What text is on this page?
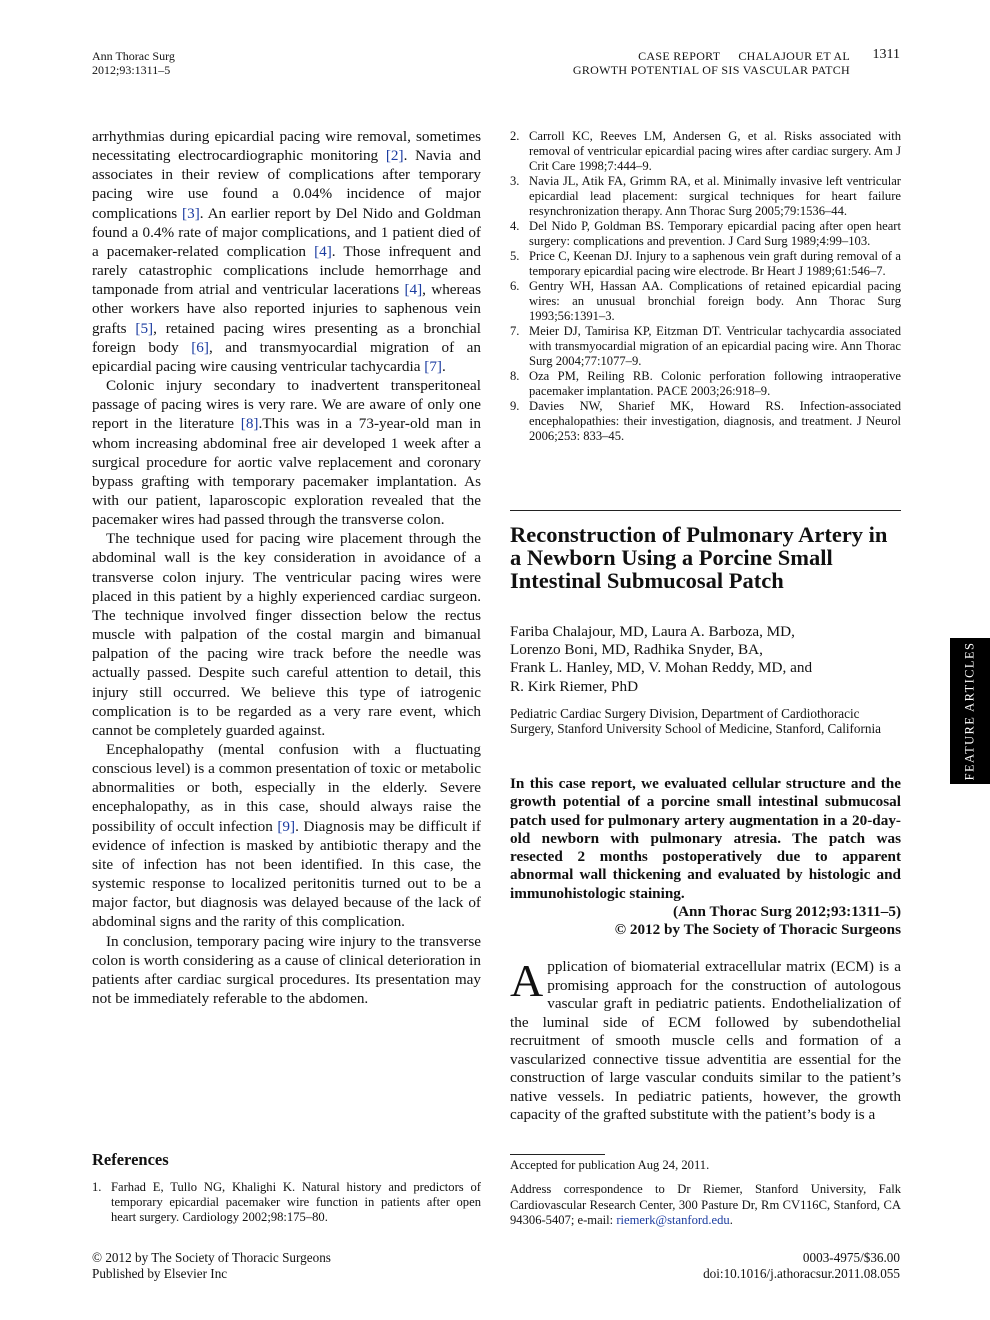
Ann Thorac Surg
2012;93:1311–5
CASE REPORT CHALAJOUR ET AL
GROWTH POTENTIAL OF SIS VASCULAR PATCH
1311

arrhythmias during epicardial pacing wire removal, sometimes necessitating electrocardiographic monitoring [2]. Navia and associates in their review of complications after temporary pacing wire use found a 0.04% incidence of major complications [3]. An earlier report by Del Nido and Goldman found a 0.4% rate of major complications, and 1 patient died of a pacemaker-related complication [4]. Those infrequent and rarely catastrophic complications include hemorrhage and tamponade from atrial and ventricular lacerations [4], whereas other workers have also reported injuries to saphenous vein grafts [5], retained pacing wires presenting as a bronchial foreign body [6], and transmyocardial migration of an epicardial pacing wire causing ventricular tachycardia [7].

Colonic injury secondary to inadvertent transperitoneal passage of pacing wires is very rare. We are aware of only one report in the literature [8].This was in a 73-year-old man in whom increasing abdominal free air developed 1 week after a surgical procedure for aortic valve replacement and coronary bypass grafting with temporary pacemaker implantation. As with our patient, laparoscopic exploration revealed that the pacemaker wires had passed through the transverse colon.

The technique used for pacing wire placement through the abdominal wall is the key consideration in avoidance of a transverse colon injury. The ventricular pacing wires were placed in this patient by a highly experienced cardiac surgeon. The technique involved finger dissection below the rectus muscle with palpation of the costal margin and bimanual palpation of the pacing wire track before the needle was actually passed. Despite such careful attention to detail, this injury still occurred. We believe this type of iatrogenic complication is to be regarded as a very rare event, which cannot be completely guarded against.

Encephalopathy (mental confusion with a fluctuating conscious level) is a common presentation of toxic or metabolic abnormalities or both, especially in the elderly. Severe encephalopathy, as in this case, should always raise the possibility of occult infection [9]. Diagnosis may be difficult if evidence of infection is masked by antibiotic therapy and the site of infection has not been identified. In this case, the systemic response to localized peritonitis turned out to be a major factor, but diagnosis was delayed because of the lack of abdominal signs and the rarity of this complication.

In conclusion, temporary pacing wire injury to the transverse colon is worth considering as a cause of clinical deterioration in patients after cardiac surgical procedures. Its presentation may not be immediately referable to the abdomen.

References
1. Farhad E, Tullo NG, Khalighi K. Natural history and predictors of temporary epicardial pacemaker wire function in patients after open heart surgery. Cardiology 2002;98:175–80.
2. Carroll KC, Reeves LM, Andersen G, et al. Risks associated with removal of ventricular epicardial pacing wires after cardiac surgery. Am J Crit Care 1998;7:444–9.
3. Navia JL, Atik FA, Grimm RA, et al. Minimally invasive left ventricular epicardial lead placement: surgical techniques for heart failure resynchronization therapy. Ann Thorac Surg 2005;79:1536–44.
4. Del Nido P, Goldman BS. Temporary epicardial pacing after open heart surgery: complications and prevention. J Card Surg 1989;4:99–103.
5. Price C, Keenan DJ. Injury to a saphenous vein graft during removal of a temporary epicardial pacing wire electrode. Br Heart J 1989;61:546–7.
6. Gentry WH, Hassan AA. Complications of retained epicardial pacing wires: an unusual bronchial foreign body. Ann Thorac Surg 1993;56:1391–3.
7. Meier DJ, Tamirisa KP, Eitzman DT. Ventricular tachycardia associated with transmyocardial migration of an epicardial pacing wire. Ann Thorac Surg 2004;77:1077–9.
8. Oza PM, Reiling RB. Colonic perforation following intraoperative pacemaker implantation. PACE 2003;26:918–9.
9. Davies NW, Sharief MK, Howard RS. Infection-associated encephalopathies: their investigation, diagnosis, and treatment. J Neurol 2006;253: 833–45.
Reconstruction of Pulmonary Artery in a Newborn Using a Porcine Small Intestinal Submucosal Patch
Fariba Chalajour, MD, Laura A. Barboza, MD,
Lorenzo Boni, MD, Radhika Snyder, BA,
Frank L. Hanley, MD, V. Mohan Reddy, MD, and
R. Kirk Riemer, PhD
Pediatric Cardiac Surgery Division, Department of Cardiothoracic Surgery, Stanford University School of Medicine, Stanford, California
In this case report, we evaluated cellular structure and the growth potential of a porcine small intestinal submucosal patch used for pulmonary artery augmentation in a 20-day-old newborn with pulmonary atresia. The patch was resected 2 months postoperatively due to apparent abnormal wall thickening and evaluated by histologic and immunohistologic staining.
(Ann Thorac Surg 2012;93:1311–5)
© 2012 by The Society of Thoracic Surgeons
Application of biomaterial extracellular matrix (ECM) is a promising approach for the construction of autologous vascular graft in pediatric patients. Endothelialization of the luminal side of ECM followed by subendothelial recruitment of smooth muscle cells and formation of a vascularized connective tissue adventitia are essential for the construction of large vascular conduits similar to the patient’s native vessels. In pediatric patients, however, the growth capacity of the grafted substitute with the patient’s body is a
Accepted for publication Aug 24, 2011.
Address correspondence to Dr Riemer, Stanford University, Falk Cardiovascular Research Center, 300 Pasture Dr, Rm CV116C, Stanford, CA 94306-5407; e-mail: riemerk@stanford.edu.
© 2012 by The Society of Thoracic Surgeons
Published by Elsevier Inc
0003-4975/$36.00
doi:10.1016/j.athoracsur.2011.08.055
FEATURE ARTICLES
